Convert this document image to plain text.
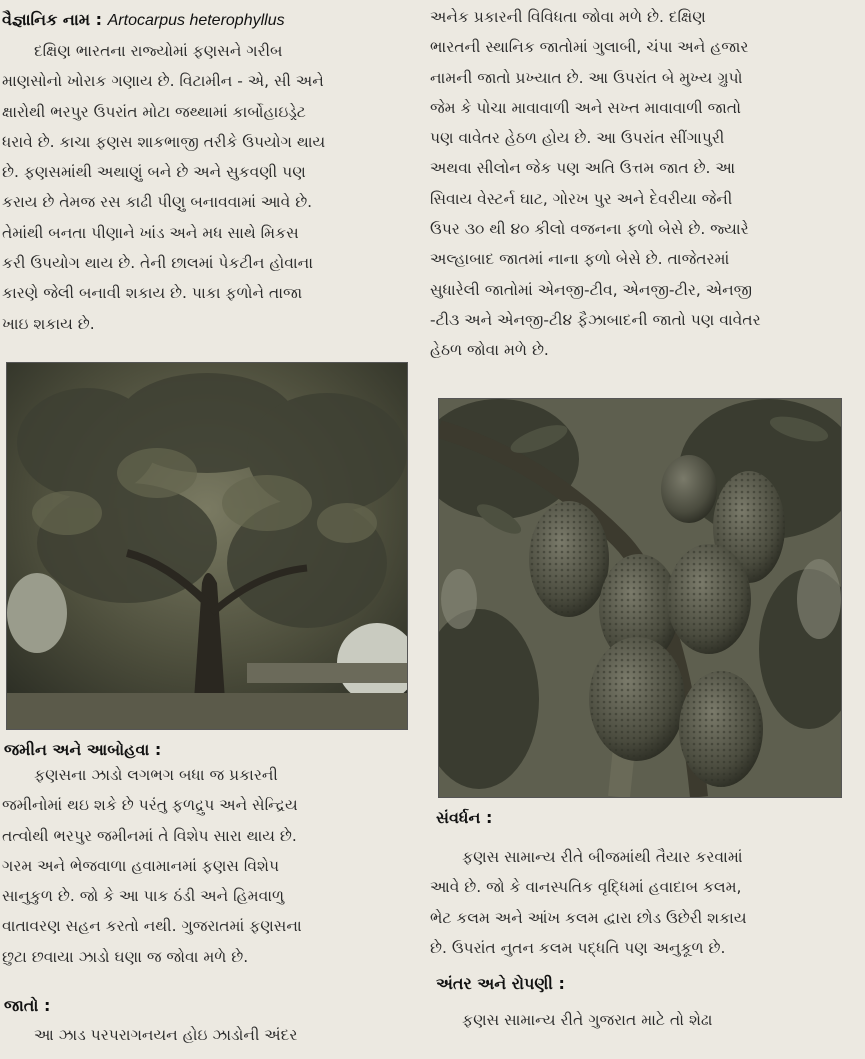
વૈજ્ઞાનિક નામ : Artocarpus heterophyllus
દક્ષિણ ભારતના રાજ્યોમાં ફણસને ગરીબ
માણસોનો ખોરાક ગણાય છે. વિટામીન - એ, સી અને
ક્ષારોથી ભરપુર ઉપરાંત મોટા જથ્થામાં કાર્બોહાઇડ્રેટ
ધરાવે છે. કાચા ફણસ શાકભાજી તરીકે ઉપયોગ થાય
છે. ફણસમાંથી અથાણું બને છે અને સુકવણી પણ
કરાય છે તેમજ રસ કાઢી પીણુ બનાવવામાં આવે છે.
તેમાંથી બનતા પીણાને ખાંડ અને મધ સાથે મિકસ
કરી ઉપયોગ થાય છે. તેની છાલમાં પેકટીન હોવાના
કારણે જેલી બનાવી શકાય છે. પાકા ફળોને તાજા
ખાઇ શકાય છે.
જમીન અને આબોહવા :
ફણસના ઝાડો લગભગ બધા જ પ્રકારની
જમીનોમાં થઇ શકે છે પરંતુ ફળદ્રુપ અને સેન્દ્રિય
તત્વોથી ભરપુર જમીનમાં તે વિશેપ સારા થાય છે.
ગરમ અને ભેજવાળા હવામાનમાં ફણસ વિશેપ
સાનુકુળ છે. જો કે આ પાક ઠંડી અને હિમવાળુ
વાતાવરણ સહન કરતો નથી. ગુજરાતમાં ફણસના
છુટા છવાયા ઝાડો ઘણા જ જોવા મળે છે.
જાતો :
આ ઝાડ પરપરાગનયન હોઇ ઝાડોની અંદર
અનેક પ્રકારની વિવિધતા જોવા મળે છે. દક્ષિણ
ભારતની સ્થાનિક જાતોમાં ગુલાબી, ચંપા અને હજાર
નામની જાતો પ્રખ્યાત છે. આ ઉપરાંત બે મુખ્ય ગ્રુપો
જેમ કે પોચા માવાવાળી અને સખ્ત માવાવાળી જાતો
પણ વાવેતર હેઠળ હોય છે. આ ઉપરાંત સીંગાપુરી
અથવા સીલોન જેક પણ અતિ ઉત્તમ જાત છે. આ
સિવાય વેસ્ટર્ન ઘાટ, ગોરખ પુર અને દેવરીયા જેની
ઉપર ૩૦ થી ૪૦ કીલો વજનના ફળો બેસે છે. જ્યારે
અલ્હાબાદ જાતમાં નાના ફળો બેસે છે. તાજેતરમાં
સુધારેલી જાતોમાં એનજી-ટીવ, એનજી-ટીર, એનજી
-ટી૩ અને એનજી-ટી૪ ફૈઝાબાદની જાતો પણ વાવેતર
હેઠળ જોવા મળે છે.
સંવર્ધન :
ફણસ સામાન્ય રીતે બીજમાંથી તૈયાર કરવામાં
આવે છે. જો કે વાનસ્પતિક વૃદ્ધિમાં હવાદાબ કલમ,
ભેટ કલમ અને આંખ કલમ દ્વારા છોડ ઉછેરી શકાય
છે. ઉપરાંત નુતન કલમ પદ્ધતિ પણ અનુકૂળ છે.
અંતર અને રોપણી :
ફણસ સામાન્ય રીતે ગુજરાત માટે તો શેઢા
